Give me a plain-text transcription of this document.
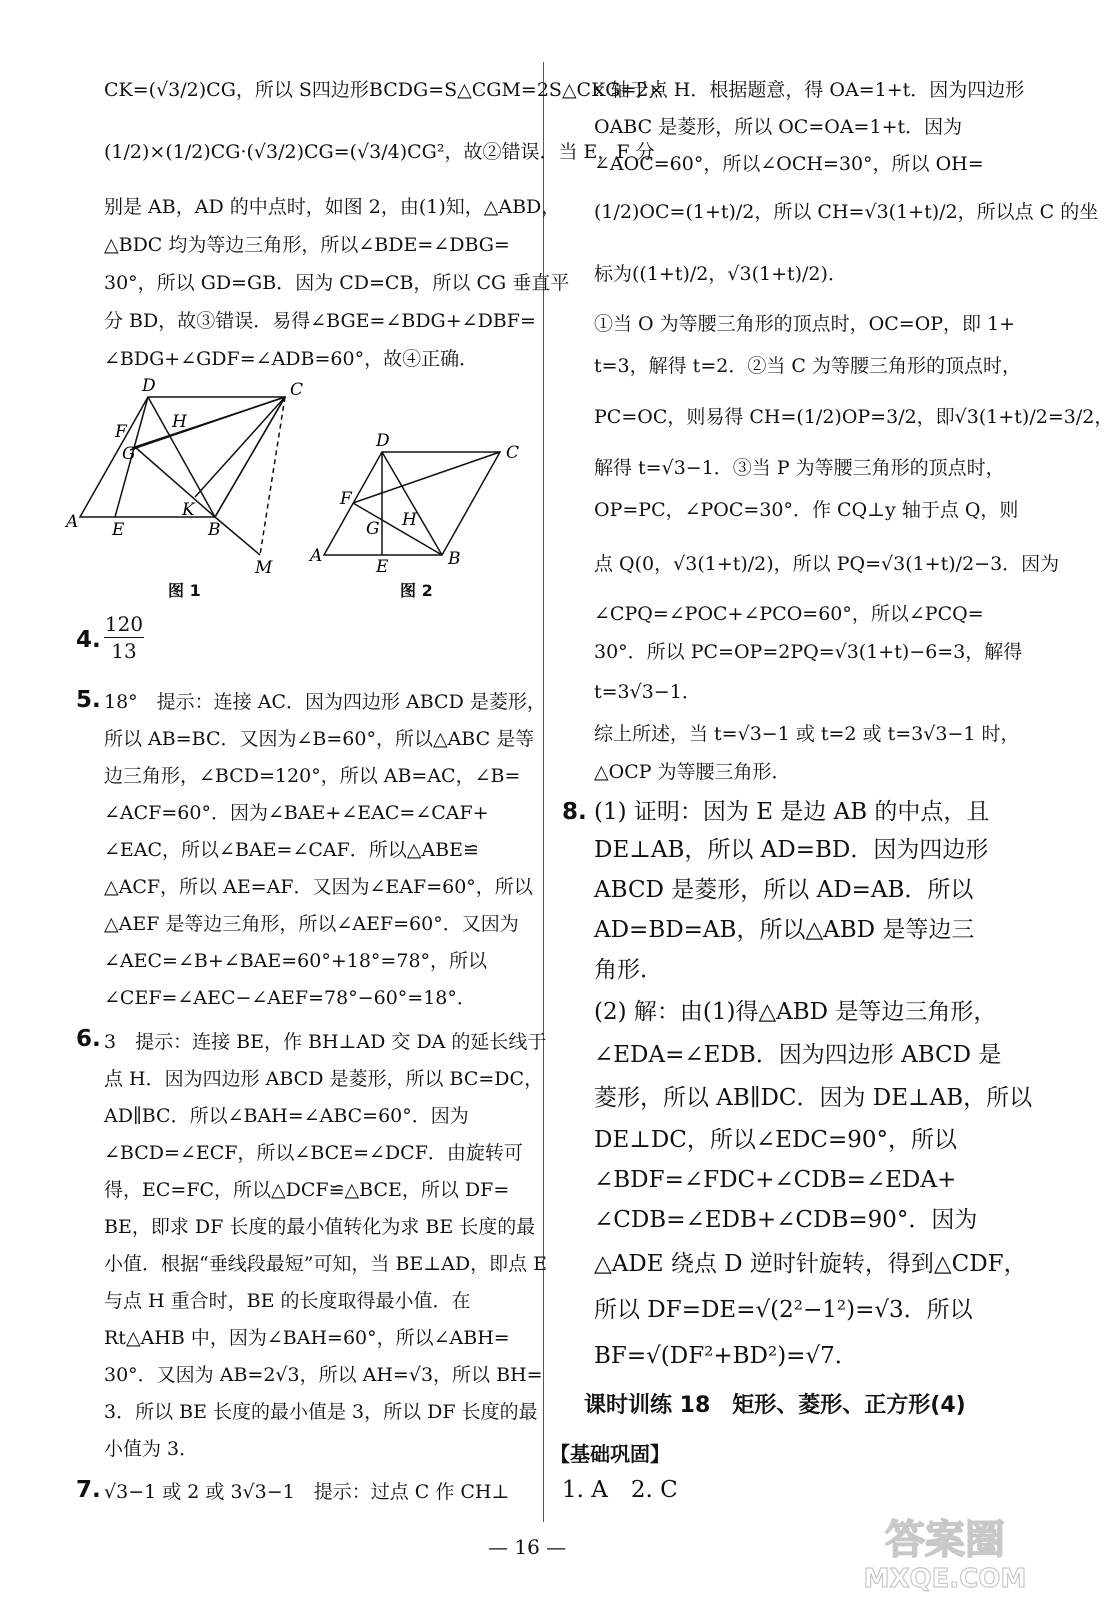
CK=(√3/2)CG，所以 S四边形BCDG=S△CGM=2S△CKG=2×
(1/2)×(1/2)CG·(√3/2)CG=(√3/4)CG²，故②错误．当 E，F 分
别是 AB，AD 的中点时，如图 2，由(1)知，△ABD，
△BDC 均为等边三角形，所以∠BDE=∠DBG=
30°，所以 GD=GB．因为 CD=CB，所以 CG 垂直平
分 BD，故③错误．易得∠BGE=∠BDG+∠DBF=
∠BDG+∠GDF=∠ADB=60°，故④正确．
D	C
F	H
G
K
A E	B
M
图 1
D
C
F
G H
A
E	B
图 2
4.
120
13
5. 18°　提示：连接 AC．因为四边形 ABCD 是菱形，
所以 AB=BC．又因为∠B=60°，所以△ABC 是等
边三角形，∠BCD=120°，所以 AB=AC，∠B=
∠ACF=60°．因为∠BAE+∠EAC=∠CAF+
∠EAC，所以∠BAE=∠CAF．所以△ABE≌
△ACF，所以 AE=AF．又因为∠EAF=60°，所以
△AEF 是等边三角形，所以∠AEF=60°．又因为
∠AEC=∠B+∠BAE=60°+18°=78°，所以
∠CEF=∠AEC−∠AEF=78°−60°=18°．
6. 3　提示：连接 BE，作 BH⊥AD 交 DA 的延长线于
点 H．因为四边形 ABCD 是菱形，所以 BC=DC，
AD∥BC．所以∠BAH=∠ABC=60°．因为
∠BCD=∠ECF，所以∠BCE=∠DCF．由旋转可
得，EC=FC，所以△DCF≌△BCE，所以 DF=
BE，即求 DF 长度的最小值转化为求 BE 长度的最
小值．根据“垂线段最短”可知，当 BE⊥AD，即点 E
与点 H 重合时，BE 的长度取得最小值．在
Rt△AHB 中，因为∠BAH=60°，所以∠ABH=
30°．又因为 AB=2√3，所以 AH=√3，所以 BH=
3．所以 BE 长度的最小值是 3，所以 DF 长度的最
小值为 3．
7. √3−1 或 2 或 3√3−1　提示：过点 C 作 CH⊥
x 轴于点 H．根据题意，得 OA=1+t．因为四边形
OABC 是菱形，所以 OC=OA=1+t．因为
∠AOC=60°，所以∠OCH=30°，所以 OH=
(1/2)OC=(1+t)/2，所以 CH=√3(1+t)/2，所以点 C 的坐
标为((1+t)/2，√3(1+t)/2)．
①当 O 为等腰三角形的顶点时，OC=OP，即 1+
t=3，解得 t=2．②当 C 为等腰三角形的顶点时，
PC=OC，则易得 CH=(1/2)OP=3/2，即√3(1+t)/2=3/2，
解得 t=√3−1．③当 P 为等腰三角形的顶点时，
OP=PC，∠POC=30°．作 CQ⊥y 轴于点 Q，则
点 Q(0，√3(1+t)/2)，所以 PQ=√3(1+t)/2−3．因为
∠CPQ=∠POC+∠PCO=60°，所以∠PCQ=
30°．所以 PC=OP=2PQ=√3(1+t)−6=3，解得
t=3√3−1．
综上所述，当 t=√3−1 或 t=2 或 t=3√3−1 时，
△OCP 为等腰三角形．
8. (1) 证明：因为 E 是边 AB 的中点，且
DE⊥AB，所以 AD=BD．因为四边形
ABCD 是菱形，所以 AD=AB．所以
AD=BD=AB，所以△ABD 是等边三
角形．
(2) 解：由(1)得△ABD 是等边三角形，
∠EDA=∠EDB．因为四边形 ABCD 是
菱形，所以 AB∥DC．因为 DE⊥AB，所以
DE⊥DC，所以∠EDC=90°，所以
∠BDF=∠FDC+∠CDB=∠EDA+
∠CDB=∠EDB+∠CDB=90°．因为
△ADE 绕点 D 逆时针旋转，得到△CDF，
所以 DF=DE=√(2²−1²)=√3．所以
BF=√(DF²+BD²)=√7．
课时训练 18　矩形、菱形、正方形(4)
【基础巩固】
1. A　2. C
— 16 —	答案圈
MXQE.COM
